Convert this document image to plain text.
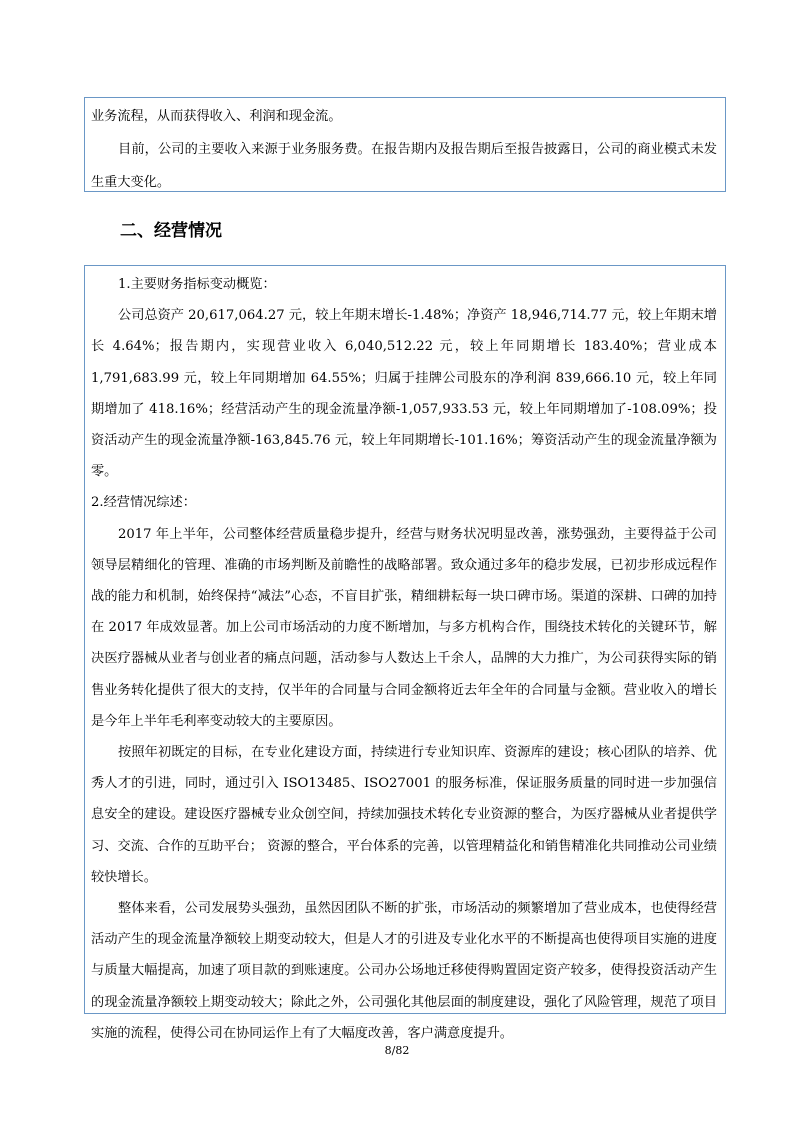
业务流程，从而获得收入、利润和现金流。

目前，公司的主要收入来源于业务服务费。在报告期内及报告期后至报告披露日，公司的商业模式未发生重大变化。

二、经营情况

1.主要财务指标变动概览：

公司总资产 20,617,064.27 元，较上年期末增长-1.48%；净资产 18,946,714.77 元，较上年期末增长 4.64%；报告期内，实现营业收入 6,040,512.22 元，较上年同期增长 183.40%；营业成本 1,791,683.99 元，较上年同期增加 64.55%；归属于挂牌公司股东的净利润 839,666.10 元，较上年同期增加了 418.16%；经营活动产生的现金流量净额-1,057,933.53 元，较上年同期增加了-108.09%；投资活动产生的现金流量净额-163,845.76 元，较上年同期增长-101.16%；筹资活动产生的现金流量净额为零。

2.经营情况综述：

2017 年上半年，公司整体经营质量稳步提升，经营与财务状况明显改善，涨势强劲，主要得益于公司领导层精细化的管理、准确的市场判断及前瞻性的战略部署。致众通过多年的稳步发展，已初步形成远程作战的能力和机制，始终保持“减法”心态，不盲目扩张，精细耕耘每一块口碑市场。渠道的深耕、口碑的加持在 2017 年成效显著。加上公司市场活动的力度不断增加，与多方机构合作，围绕技术转化的关键环节，解决医疗器械从业者与创业者的痛点问题，活动参与人数达上千余人，品牌的大力推广，为公司获得实际的销售业务转化提供了很大的支持，仅半年的合同量与合同金额将近去年全年的合同量与金额。营业收入的增长是今年上半年毛利率变动较大的主要原因。

按照年初既定的目标，在专业化建设方面，持续进行专业知识库、资源库的建设；核心团队的培养、优秀人才的引进，同时，通过引入 ISO13485、ISO27001 的服务标准，保证服务质量的同时进一步加强信息安全的建设。建设医疗器械专业众创空间，持续加强技术转化专业资源的整合，为医疗器械从业者提供学习、交流、合作的互助平台； 资源的整合，平台体系的完善，以管理精益化和销售精准化共同推动公司业绩较快增长。

整体来看，公司发展势头强劲，虽然因团队不断的扩张，市场活动的频繁增加了营业成本，也使得经营活动产生的现金流量净额较上期变动较大，但是人才的引进及专业化水平的不断提高也使得项目实施的进度与质量大幅提高，加速了项目款的到账速度。公司办公场地迁移使得购置固定资产较多，使得投资活动产生的现金流量净额较上期变动较大；除此之外，公司强化其他层面的制度建设，强化了风险管理，规范了项目实施的流程，使得公司在协同运作上有了大幅度改善，客户满意度提升。

8/82
